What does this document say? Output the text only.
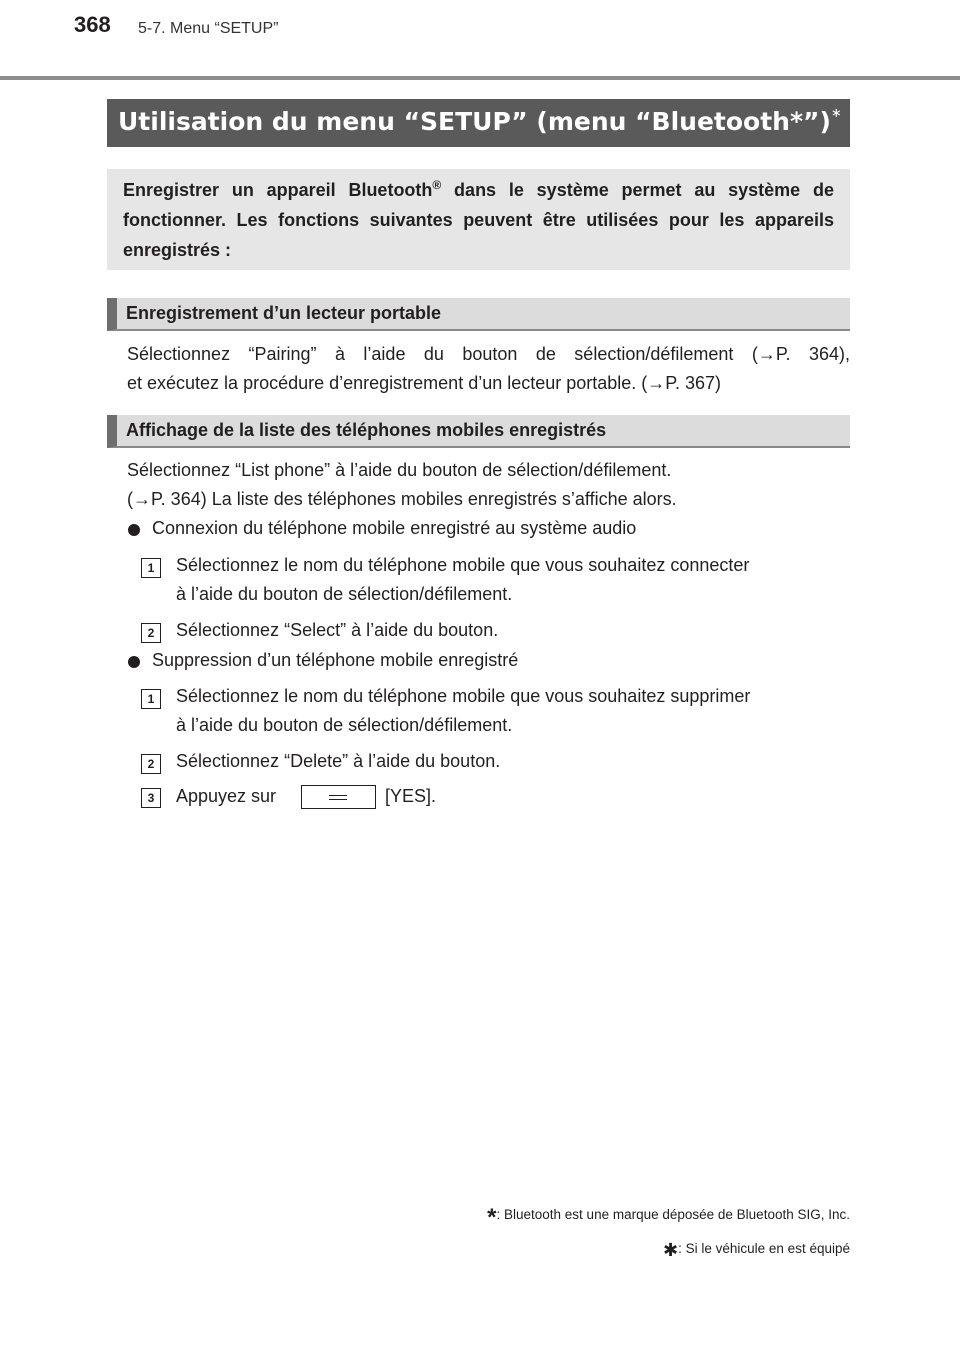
368 5-7. Menu “SETUP”
Utilisation du menu “SETUP” (menu “Bluetooth*”)∗
Enregistrer un appareil Bluetooth® dans le système permet au système de fonctionner. Les fonctions suivantes peuvent être utilisées pour les appareils enregistrés :
Enregistrement d’un lecteur portable
Sélectionnez “Pairing” à l’aide du bouton de sélection/défilement (→P. 364),
et exécutez la procédure d’enregistrement d’un lecteur portable. (→P. 367)
Affichage de la liste des téléphones mobiles enregistrés
Sélectionnez “List phone” à l’aide du bouton de sélection/défilement.
(→P. 364) La liste des téléphones mobiles enregistrés s’affiche alors.
Connexion du téléphone mobile enregistré au système audio
1	Sélectionnez le nom du téléphone mobile que vous souhaitez connecter
à l’aide du bouton de sélection/défilement.
2	Sélectionnez “Select” à l’aide du bouton.
Suppression d’un téléphone mobile enregistré
1	Sélectionnez le nom du téléphone mobile que vous souhaitez supprimer
à l’aide du bouton de sélection/défilement.
2	Sélectionnez “Delete” à l’aide du bouton.
3	Appuyez sur	[YES].
*: Bluetooth est une marque déposée de Bluetooth SIG, Inc.
✱: Si le véhicule en est équipé
